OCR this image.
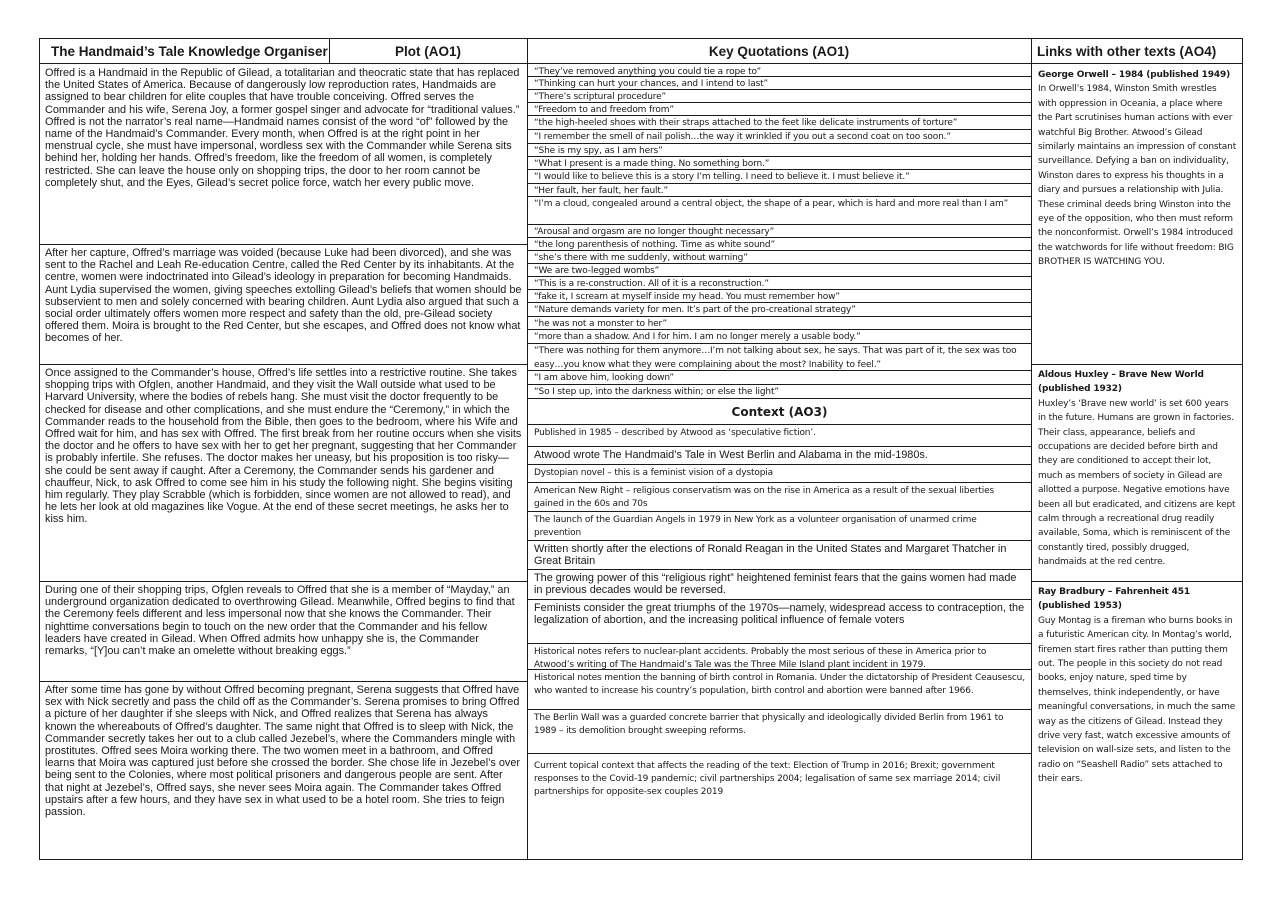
The Handmaid’s Tale Knowledge Organiser	Plot (AO1)	Key Quotations (AO1)	Links with other texts (AO4)
Offred is a Handmaid in the Republic of Gilead, a totalitarian and theocratic state that has replaced the United States of America. Because of dangerously low reproduction rates, Handmaids are assigned to bear children for elite couples that have trouble conceiving. Offred serves the Commander and his wife, Serena Joy, a former gospel singer and advocate for “traditional values.” Offred is not the narrator’s real name—Handmaid names consist of the word “of” followed by the name of the Handmaid’s Commander. Every month, when Offred is at the right point in her menstrual cycle, she must have impersonal, wordless sex with the Commander while Serena sits behind her, holding her hands. Offred’s freedom, like the freedom of all women, is completely restricted. She can leave the house only on shopping trips, the door to her room cannot be completely shut, and the Eyes, Gilead’s secret police force, watch her every public move.
After her capture, Offred’s marriage was voided (because Luke had been divorced), and she was sent to the Rachel and Leah Re-education Centre, called the Red Center by its inhabitants. At the centre, women were indoctrinated into Gilead’s ideology in preparation for becoming Handmaids. Aunt Lydia supervised the women, giving speeches extolling Gilead’s beliefs that women should be subservient to men and solely concerned with bearing children. Aunt Lydia also argued that such a social order ultimately offers women more respect and safety than the old, pre-Gilead society offered them. Moira is brought to the Red Center, but she escapes, and Offred does not know what becomes of her.
Once assigned to the Commander’s house, Offred’s life settles into a restrictive routine. She takes shopping trips with Ofglen, another Handmaid, and they visit the Wall outside what used to be Harvard University, where the bodies of rebels hang. She must visit the doctor frequently to be checked for disease and other complications, and she must endure the “Ceremony,” in which the Commander reads to the household from the Bible, then goes to the bedroom, where his Wife and Offred wait for him, and has sex with Offred. The first break from her routine occurs when she visits the doctor and he offers to have sex with her to get her pregnant, suggesting that her Commander is probably infertile. She refuses. The doctor makes her uneasy, but his proposition is too risky—she could be sent away if caught. After a Ceremony, the Commander sends his gardener and chauffeur, Nick, to ask Offred to come see him in his study the following night. She begins visiting him regularly. They play Scrabble (which is forbidden, since women are not allowed to read), and he lets her look at old magazines like Vogue. At the end of these secret meetings, he asks her to kiss him.
During one of their shopping trips, Ofglen reveals to Offred that she is a member of “Mayday,” an underground organization dedicated to overthrowing Gilead. Meanwhile, Offred begins to find that the Ceremony feels different and less impersonal now that she knows the Commander. Their nighttime conversations begin to touch on the new order that the Commander and his fellow leaders have created in Gilead. When Offred admits how unhappy she is, the Commander remarks, “[Y]ou can’t make an omelette without breaking eggs.”
After some time has gone by without Offred becoming pregnant, Serena suggests that Offred have sex with Nick secretly and pass the child off as the Commander’s. Serena promises to bring Offred a picture of her daughter if she sleeps with Nick, and Offred realizes that Serena has always known the whereabouts of Offred’s daughter. The same night that Offred is to sleep with Nick, the Commander secretly takes her out to a club called Jezebel’s, where the Commanders mingle with prostitutes. Offred sees Moira working there. The two women meet in a bathroom, and Offred learns that Moira was captured just before she crossed the border. She chose life in Jezebel’s over being sent to the Colonies, where most political prisoners and dangerous people are sent. After that night at Jezebel’s, Offred says, she never sees Moira again. The Commander takes Offred upstairs after a few hours, and they have sex in what used to be a hotel room. She tries to feign passion.
“They’ve removed anything you could tie a rope to”
“Thinking can hurt your chances, and I intend to last”
“There’s scriptural procedure”
“Freedom to and freedom from”
“the high-heeled shoes with their straps attached to the feet like delicate instruments of torture”
“I remember the smell of nail polish…the way it wrinkled if you out a second coat on too soon.”
“She is my spy, as I am hers”
“What I present is a made thing. No something born.”
“I would like to believe this is a story I’m telling. I need to believe it. I must believe it.”
“Her fault, her fault, her fault.”
“I’m a cloud, congealed around a central object, the shape of a pear, which is hard and more real than I am”
“Arousal and orgasm are no longer thought necessary”
“the long parenthesis of nothing. Time as white sound”
“she’s there with me suddenly, without warning”
“We are two-legged wombs”
“This is a re-construction. All of it is a reconstruction.”
“fake it, I scream at myself inside my head. You must remember how”
“Nature demands variety for men. It’s part of the pro-creational strategy”
“he was not a monster to her”
“more than a shadow. And I for him. I am no longer merely a usable body.”
“There was nothing for them anymore…I’m not talking about sex, he says. That was part of it, the sex was too easy…you know what they were complaining about the most? Inability to feel.”
“I am above him, looking down”
“So I step up, into the darkness within; or else the light”
Context (AO3)
Published in 1985 – described by Atwood as ‘speculative fiction’.
Atwood wrote The Handmaid’s Tale in West Berlin and Alabama in the mid-1980s.
Dystopian novel – this is a feminist vision of a dystopia
American New Right – religious conservatism was on the rise in America as a result of the sexual liberties gained in the 60s and 70s
The launch of the Guardian Angels in 1979 in New York as a volunteer organisation of unarmed crime prevention
Written shortly after the elections of Ronald Reagan in the United States and Margaret Thatcher in Great Britain
The growing power of this “religious right” heightened feminist fears that the gains women had made in previous decades would be reversed.
Feminists consider the great triumphs of the 1970s—namely, widespread access to contraception, the legalization of abortion, and the increasing political influence of female voters
Historical notes refers to nuclear-plant accidents. Probably the most serious of these in America prior to Atwood’s writing of The Handmaid’s Tale was the Three Mile Island plant incident in 1979.
Historical notes mention the banning of birth control in Romania. Under the dictatorship of President Ceausescu, who wanted to increase his country’s population, birth control and abortion were banned after 1966.
The Berlin Wall was a guarded concrete barrier that physically and ideologically divided Berlin from 1961 to 1989 – its demolition brought sweeping reforms.
Current topical context that affects the reading of the text: Election of Trump in 2016; Brexit; government responses to the Covid-19 pandemic; civil partnerships 2004; legalisation of same sex marriage 2014; civil partnerships for opposite-sex couples 2019
George Orwell – 1984 (published 1949)
In Orwell’s 1984, Winston Smith wrestles with oppression in Oceania, a place where the Part scrutinises human actions with ever watchful Big Brother. Atwood’s Gilead similarly maintains an impression of constant surveillance. Defying a ban on individuality, Winston dares to express his thoughts in a diary and pursues a relationship with Julia. These criminal deeds bring Winston into the eye of the opposition, who then must reform the nonconformist. Orwell’s 1984 introduced the watchwords for life without freedom: BIG BROTHER IS WATCHING YOU.
Aldous Huxley – Brave New World (published 1932)
Huxley’s ‘Brave new world’ is set 600 years in the future. Humans are grown in factories. Their class, appearance, beliefs and occupations are decided before birth and they are conditioned to accept their lot, much as members of society in Gilead are allotted a purpose. Negative emotions have been all but eradicated, and citizens are kept calm through a recreational drug readily available, Soma, which is reminiscent of the constantly tired, possibly drugged, handmaids at the red centre.
Ray Bradbury – Fahrenheit 451 (published 1953)
Guy Montag is a fireman who burns books in a futuristic American city. In Montag’s world, firemen start fires rather than putting them out. The people in this society do not read books, enjoy nature, sped time by themselves, think independently, or have meaningful conversations, in much the same way as the citizens of Gilead. Instead they drive very fast, watch excessive amounts of television on wall-size sets, and listen to the radio on “Seashell Radio” sets attached to their ears.
